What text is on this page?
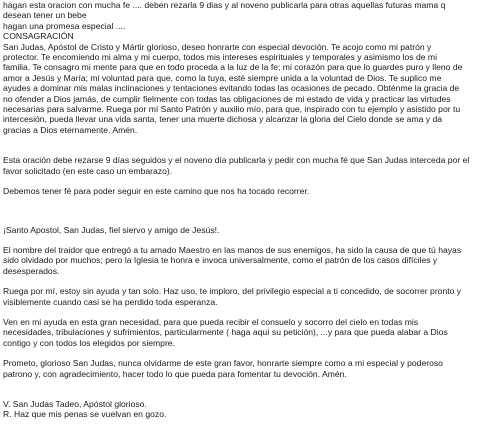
hagan esta oracion con mucha fe .... deben rezarla 9 dias y al noveno publicarla para otras aquellas futuras mama q
desean tener un bebe
hagan una promesa especial ....
CONSAGRACIÓN
San Judas, Apóstol de Cristo y Mártir glorioso, deseo honrarte con especial devoción. Te acojo como mi patrón y
protector. Te encomiendo mi alma y mi cuerpo, todos mis intereses espirituales y temporales y asimismo los de mi
familia. Te consagro mi mente para que en todo proceda a la luz de la fe; mi corazón para que lo guardes puro y lleno de
amor a Jesús y María; mi voluntad para que, como la tuya, esté siempre unida a la voluntad de Dios. Te suplico me
ayudes a dominar mis malas inclinaciones y tentaciones evitando todas las ocasiones de pecado. Obténme la gracia de
no ofender a Dios jamás, de cumplir fielmente con todas las obligaciones de mi estado de vida y practicar las virtudes
necesarias para salvarme. Ruega por mí Santo Patrón y auxilio mío, para que, inspirado con tu ejemplo y asistido por tu
intercesión, pueda llevar una vida santa, tener una muerte dichosa y alcanzar la gloria del Cielo donde se ama y da
gracias a Dios eternamente. Amén.
Esta oración debe rezarse 9 días seguidos y el noveno día publicarla y pedir con mucha fé que San Judas interceda por el
favor solicitado (en este caso un embarazo).
Debemos tener fé para poder seguir en este camino que nos ha tocado recorrer.
¡Santo Apostol, San Judas, fiel siervo y amigo de Jesús!.
El nombre del traidor que entregó a tu amado Maestro en las manos de sus enemigos, ha sido la causa de que tú hayas
sido olvidado por muchos; pero la Iglesia te honra e invoca universalmente, como el patrón de los casos difíciles y
desesperados.
Ruega por mí, estoy sin ayuda y tan solo. Haz uso, te imploro, del privilegio especial a ti concedido, de socorrer pronto y
visiblemente cuando casi se ha perdido toda esperanza.
Ven en mi ayuda en esta gran necesidad, para que pueda recibir el consuelo y socorro del cielo en todas mis
necesidades, tribulaciones y sufrimientos, particularmente ( haga aquí su petición), ...y para que pueda alabar a Dios
contigo y con todos los elegidos por siempre.
Prometo, glorioso San Judas, nunca olvidarme de este gran favor, honrarte siempre como a mi especial y poderoso
patrono y, con agradecimiento, hacer todo lo que pueda para fomentar tu devoción. Amén.
V. San Judas Tadeo, Apóstol glorioso.
R. Haz que mis penas se vuelvan en gozo.
